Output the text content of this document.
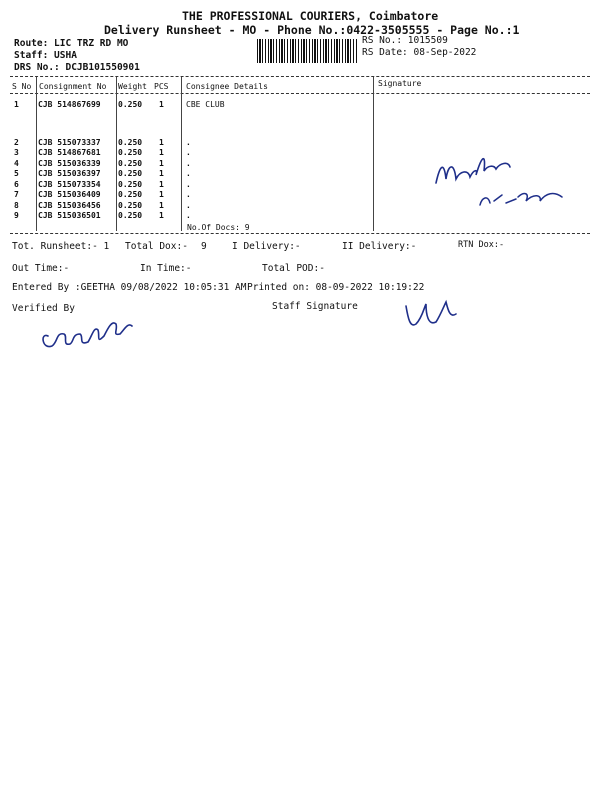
THE PROFESSIONAL COURIERS, Coimbatore
Delivery Runsheet - MO - Phone No.:0422-3505555 - Page No.:1
Route: LIC TRZ RD MO
Staff: USHA
DRS No.: DCJB101550901
RS No.: 1015509
RS Date: 08-Sep-2022
S No Consignment No Weight PCS Consignee Details	Signature
1 CJB 514867699 0.250 1	CBE CLUB
2 CJB 515073337 0.250 1	.
3 CJB 514867681 0.250 1	.
4 CJB 515036339 0.250 1	.
5 CJB 515036397 0.250 1	.
6 CJB 515073354 0.250 1	.
7 CJB 515036409 0.250 1	.
8 CJB 515036456 0.250 1	.
9 CJB 515036501 0.250 1	.
No.Of Docs: 9
Tot. Runsheet:- 1 Total Dox:- 9	I Delivery:-	II Delivery:-	RTN Dox:-
Out Time:-	In Time:-	Total POD:-
Entered By :GEETHA 09/08/2022 10:05:31 AM Printed on: 08-09-2022 10:19:22
Verified By	Staff Signature
